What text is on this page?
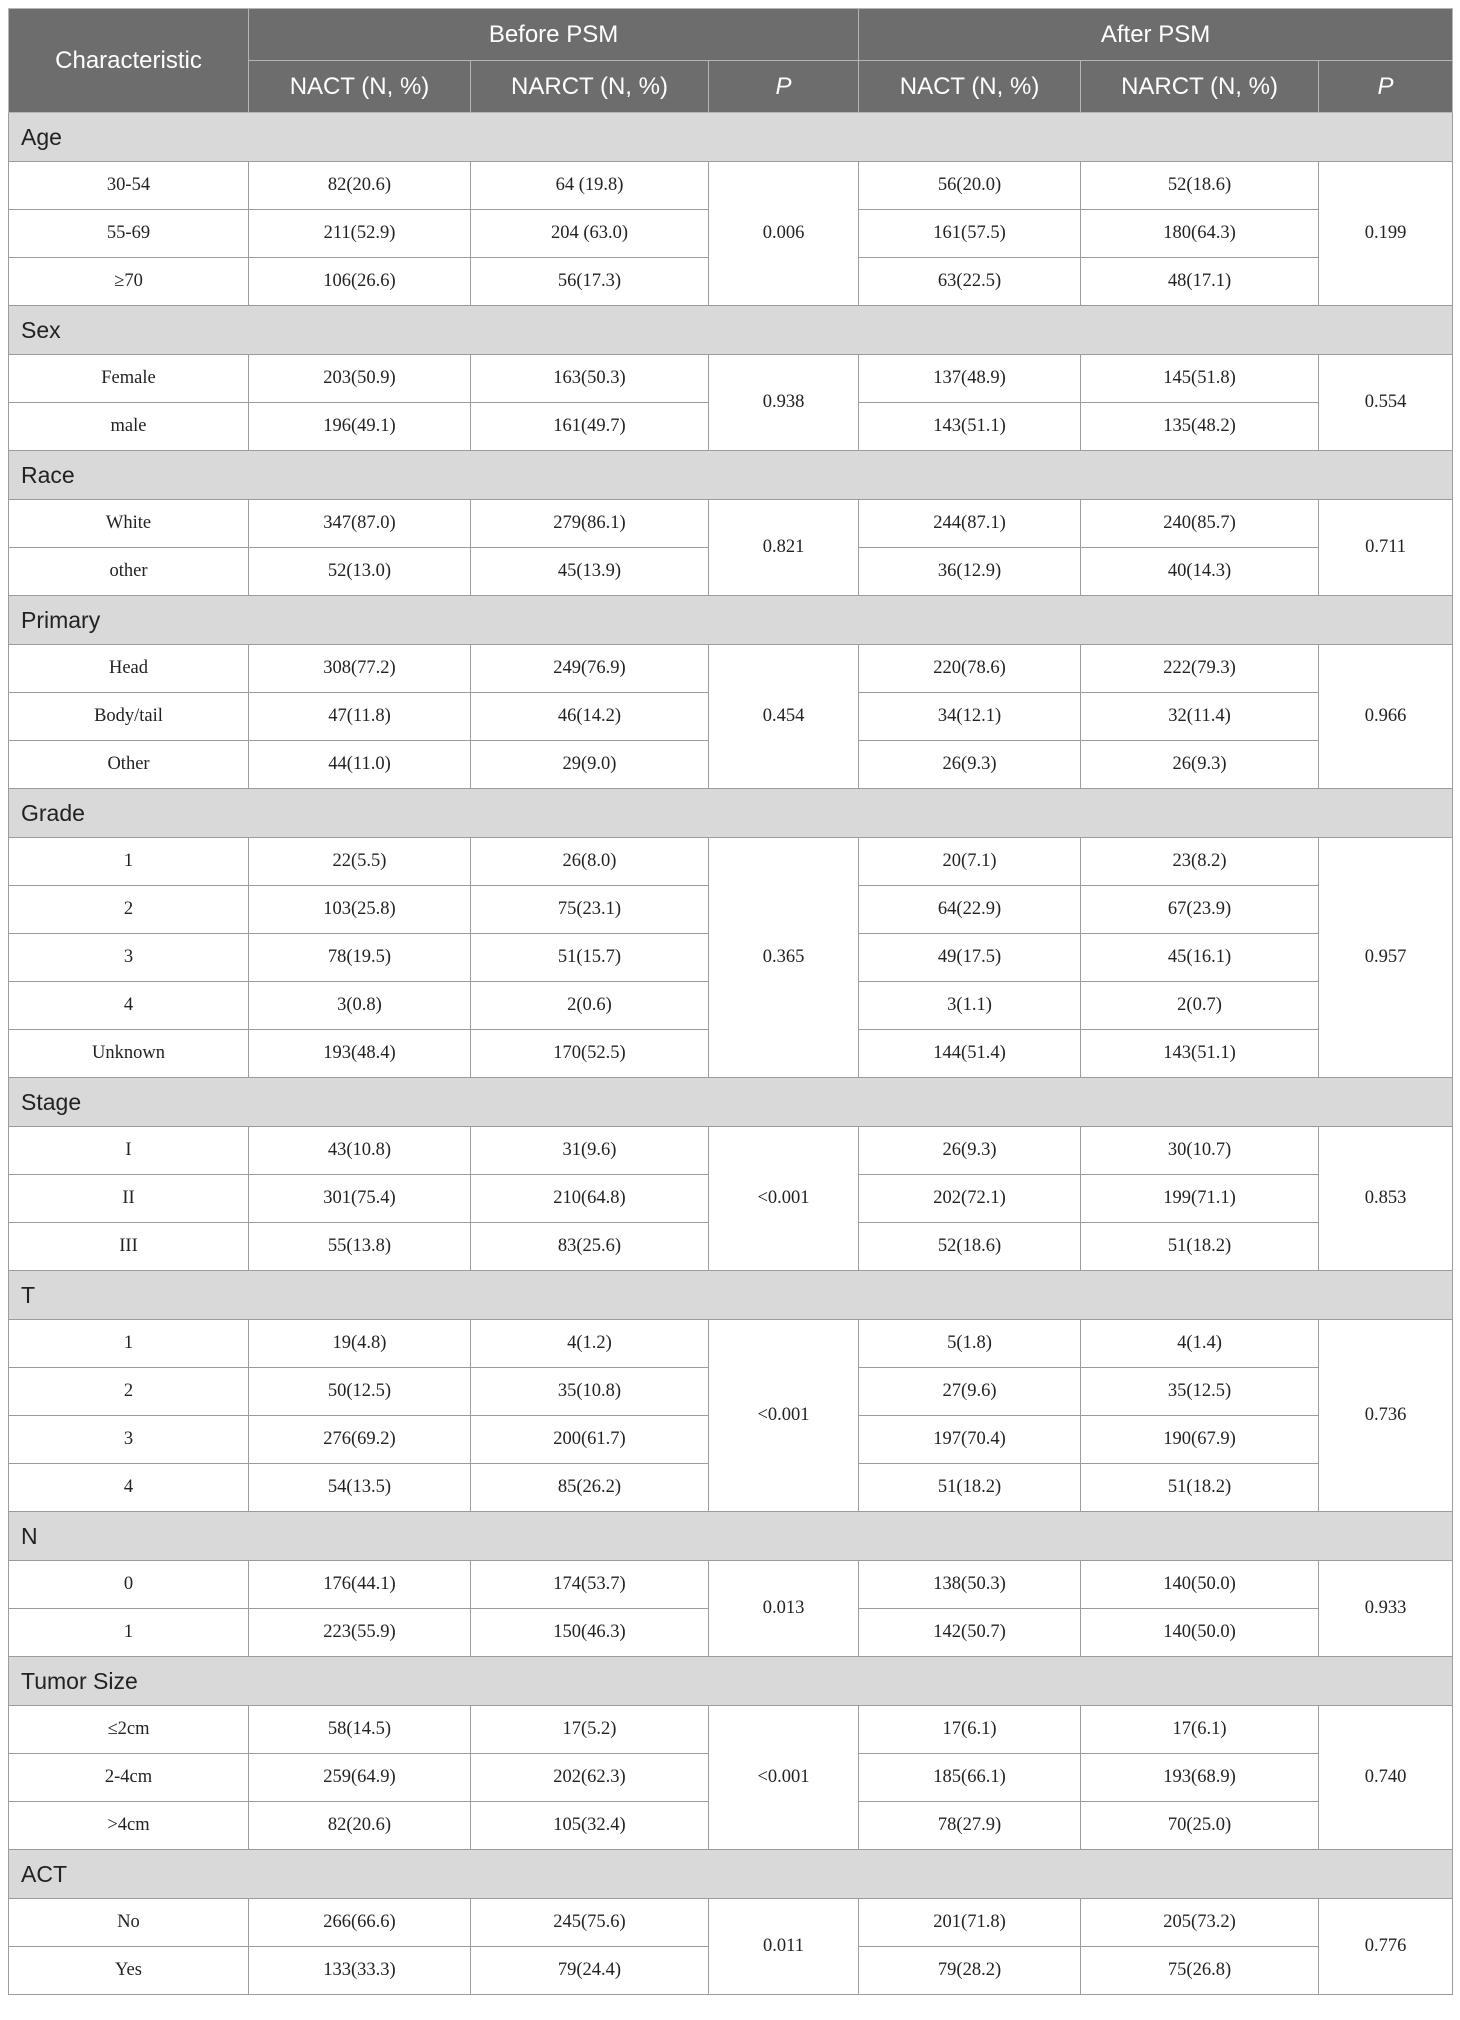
Characteristic	Before PSM			After PSM		
	NACT (N, %)	NARCT (N, %)	P	NACT (N, %)	NARCT (N, %)	P
Age						
30-54	82(20.6)	64 (19.8)	0.006	56(20.0)	52(18.6)	0.199
55-69	211(52.9)	204 (63.0)		161(57.5)	180(64.3)	
≥70	106(26.6)	56(17.3)		63(22.5)	48(17.1)	
Sex						
Female	203(50.9)	163(50.3)	0.938	137(48.9)	145(51.8)	0.554
male	196(49.1)	161(49.7)		143(51.1)	135(48.2)	
Race						
White	347(87.0)	279(86.1)	0.821	244(87.1)	240(85.7)	0.711
other	52(13.0)	45(13.9)		36(12.9)	40(14.3)	
Primary						
Head	308(77.2)	249(76.9)	0.454	220(78.6)	222(79.3)	0.966
Body/tail	47(11.8)	46(14.2)		34(12.1)	32(11.4)	
Other	44(11.0)	29(9.0)		26(9.3)	26(9.3)	
Grade						
1	22(5.5)	26(8.0)	0.365	20(7.1)	23(8.2)	0.957
2	103(25.8)	75(23.1)		64(22.9)	67(23.9)	
3	78(19.5)	51(15.7)		49(17.5)	45(16.1)	
4	3(0.8)	2(0.6)		3(1.1)	2(0.7)	
Unknown	193(48.4)	170(52.5)		144(51.4)	143(51.1)	
Stage						
I	43(10.8)	31(9.6)	<0.001	26(9.3)	30(10.7)	0.853
II	301(75.4)	210(64.8)		202(72.1)	199(71.1)	
III	55(13.8)	83(25.6)		52(18.6)	51(18.2)	
T						
1	19(4.8)	4(1.2)	<0.001	5(1.8)	4(1.4)	0.736
2	50(12.5)	35(10.8)		27(9.6)	35(12.5)	
3	276(69.2)	200(61.7)		197(70.4)	190(67.9)	
4	54(13.5)	85(26.2)		51(18.2)	51(18.2)	
N						
0	176(44.1)	174(53.7)	0.013	138(50.3)	140(50.0)	0.933
1	223(55.9)	150(46.3)		142(50.7)	140(50.0)	
Tumor Size						
≤2cm	58(14.5)	17(5.2)	<0.001	17(6.1)	17(6.1)	0.740
2-4cm	259(64.9)	202(62.3)		185(66.1)	193(68.9)	
>4cm	82(20.6)	105(32.4)		78(27.9)	70(25.0)	
ACT						
No	266(66.6)	245(75.6)	0.011	201(71.8)	205(73.2)	0.776
Yes	133(33.3)	79(24.4)		79(28.2)	75(26.8)	
